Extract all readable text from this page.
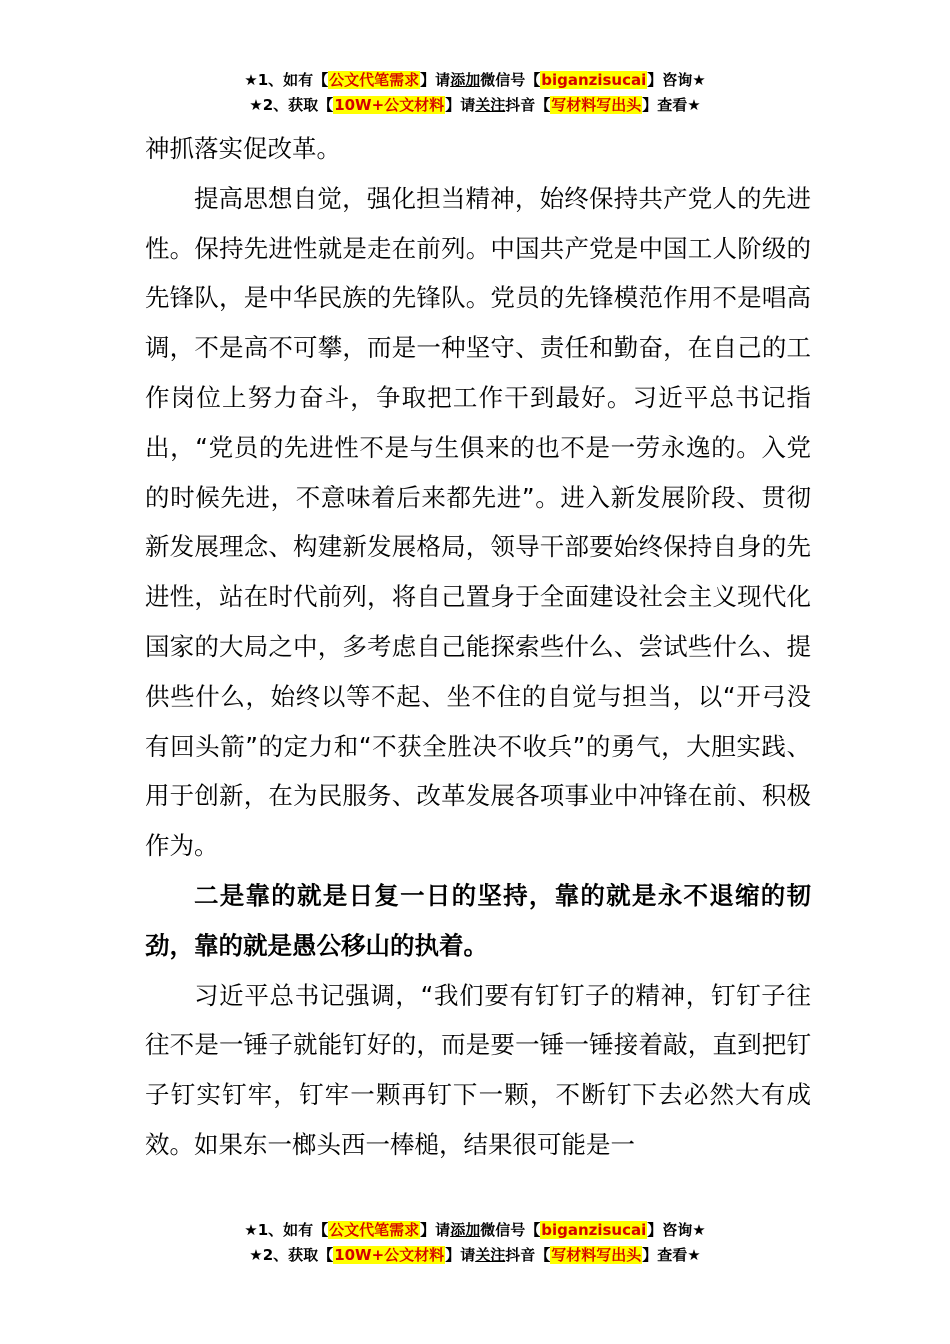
★1、如有【公文代笔需求】请添加微信号【biganzisucai】咨询★
★2、获取【10W+公文材料】请关注抖音【写材料写出头】查看★

神抓落实促改革。

提高思想自觉，强化担当精神，始终保持共产党人的先进性。保持先进性就是走在前列。中国共产党是中国工人阶级的先锋队，是中华民族的先锋队。党员的先锋模范作用不是唱高调，不是高不可攀，而是一种坚守、责任和勤奋，在自己的工作岗位上努力奋斗，争取把工作干到最好。习近平总书记指出，“党员的先进性不是与生俱来的也不是一劳永逸的。入党的时候先进，不意味着后来都先进”。进入新发展阶段、贯彻新发展理念、构建新发展格局，领导干部要始终保持自身的先进性，站在时代前列，将自己置身于全面建设社会主义现代化国家的大局之中，多考虑自己能探索些什么、尝试些什么、提供些什么，始终以等不起、坐不住的自觉与担当，以“开弓没有回头箭”的定力和“不获全胜决不收兵”的勇气，大胆实践、用于创新，在为民服务、改革发展各项事业中冲锋在前、积极作为。

二是靠的就是日复一日的坚持，靠的就是永不退缩的韧劲，靠的就是愚公移山的执着。

习近平总书记强调，“我们要有钉钉子的精神，钉钉子往往不是一锤子就能钉好的，而是要一锤一锤接着敲，直到把钉子钉实钉牢，钉牢一颗再钉下一颗，不断钉下去必然大有成效。如果东一榔头西一棒槌，结果很可能是一

★1、如有【公文代笔需求】请添加微信号【biganzisucai】咨询★
★2、获取【10W+公文材料】请关注抖音【写材料写出头】查看★
